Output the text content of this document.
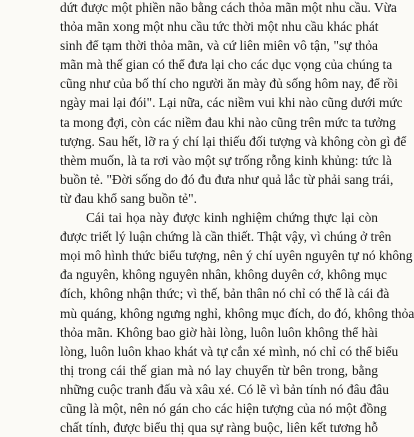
dứt được một phiền não bằng cách thỏa mãn một nhu cầu. Vừa
thỏa mãn xong một nhu cầu tức thời một nhu cầu khác phát
sinh để tạm thời thỏa mãn, và cứ liên miên vô tận, "sự thỏa
mãn mà thế gian có thể đưa lại cho các dục vọng của chúng ta
cũng như của bố thí cho người ăn mày đủ sống hôm nay, để rồi
ngày mai lại đói". Lại nữa, các niềm vui khi nào cũng dưới mức
ta mong đợi, còn các niềm đau khi nào cũng trên mức ta tưởng
tượng. Sau hết, lỡ ra ý chí lại thiếu đối tượng và không còn gì để
thèm muốn, là ta rơi vào một sự trống rỗng kinh khủng: tức là
buồn tẻ. "Đời sống do đó đu đưa như quả lắc từ phải sang trái,
từ đau khổ sang buồn tẻ".
Cái tai họa này được kinh nghiệm chứng thực lại còn
được triết lý luận chứng là cần thiết. Thật vậy, vì chúng ở trên
mọi mô hình thức biểu tượng, nên ý chí uyên nguyên tự nó không
đa nguyên, không nguyên nhân, không duyên cớ, không mục
đích, không nhận thức; vì thế, bản thân nó chỉ có thể là cái đà
mù quáng, không ngưng nghỉ, không mục đích, do đó, không thỏa
thỏa mãn. Không bao giờ hài lòng, luôn luôn không thể hài
lòng, luôn luôn khao khát và tự cắn xé mình, nó chỉ có thể biểu
thị trong cái thế gian mà nó lay chuyển từ bên trong, bằng
những cuộc tranh đấu và xâu xé. Có lẽ vì bản tính nó đâu đâu
cũng là một, nên nó gán cho các hiện tượng của nó một đồng
chất tính, được biểu thị qua sự ràng buộc, liên kết tương hỗ
